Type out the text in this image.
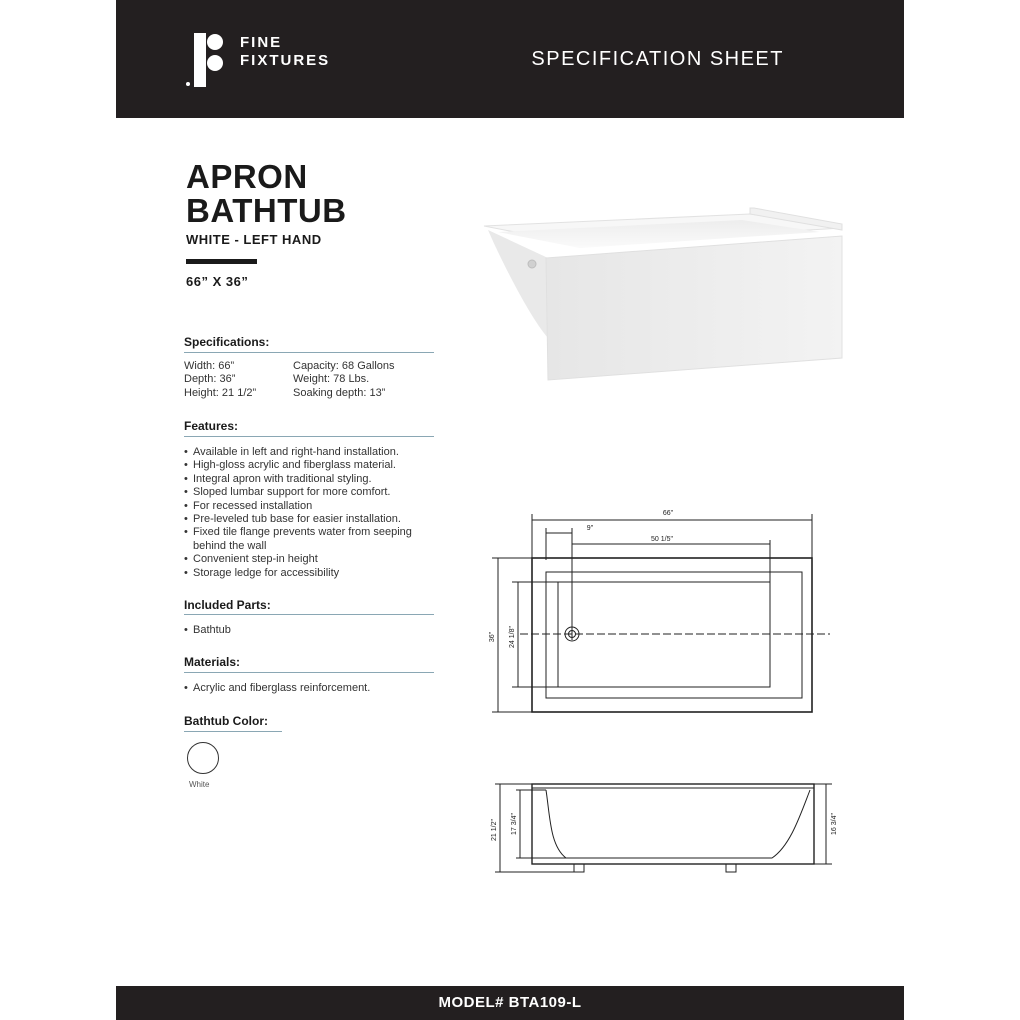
FINE
FIXTURES	SPECIFICATION SHEET
APRON
BATHTUB
WHITE - LEFT HAND
66” X 36”
Specifications:
Width: 66”
Depth: 36”
Height: 21 1/2”
Capacity: 68 Gallons
Weight: 78 Lbs.
Soaking depth: 13”
Features:
• Available in left and right-hand installation.
• High-gloss acrylic and fiberglass material.
• Integral apron with traditional styling.
• Sloped lumbar support for more comfort.
• For recessed installation
• Pre-leveled tub base for easier installation.
• Fixed tile flange prevents water from seeping behind the wall
• Convenient step-in height
• Storage ledge for accessibility
Included Parts:
• Bathtub
Materials:
• Acrylic and fiberglass reinforcement.
Bathtub Color:
White
66"
9"
50 1/5"
36" 24 1/8"
21 1/2" 17 3/4"	16 3/4"
MODEL# BTA109-L
